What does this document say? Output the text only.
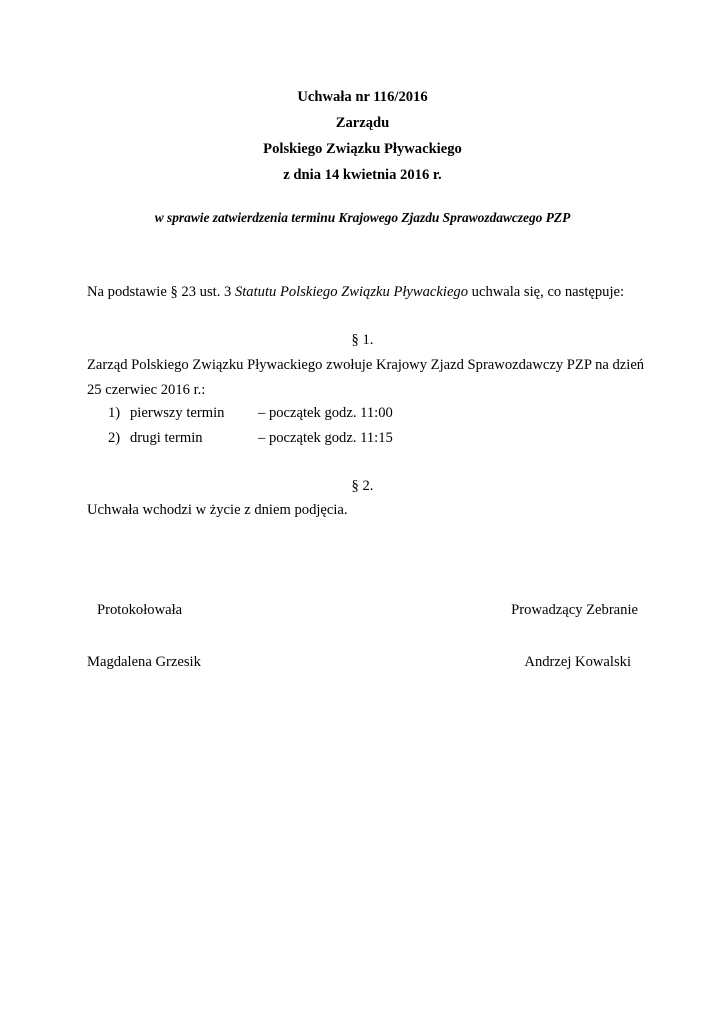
Uchwała nr 116/2016
Zarządu
Polskiego Związku Pływackiego
z dnia 14 kwietnia 2016 r.
w sprawie zatwierdzenia terminu Krajowego Zjazdu Sprawozdawczego PZP
Na podstawie § 23 ust. 3 Statutu Polskiego Związku Pływackiego uchwala się, co następuje:
§ 1.
Zarząd Polskiego Związku Pływackiego zwołuje Krajowy Zjazd Sprawozdawczy PZP na dzień
25 czerwiec 2016 r.:
1) pierwszy termin – początek godz. 11:00
2) drugi termin	– początek godz. 11:15
§ 2.
Uchwała wchodzi w życie z dniem podjęcia.
Protokołowała	Prowadzący Zebranie
Magdalena Grzesik	Andrzej Kowalski
